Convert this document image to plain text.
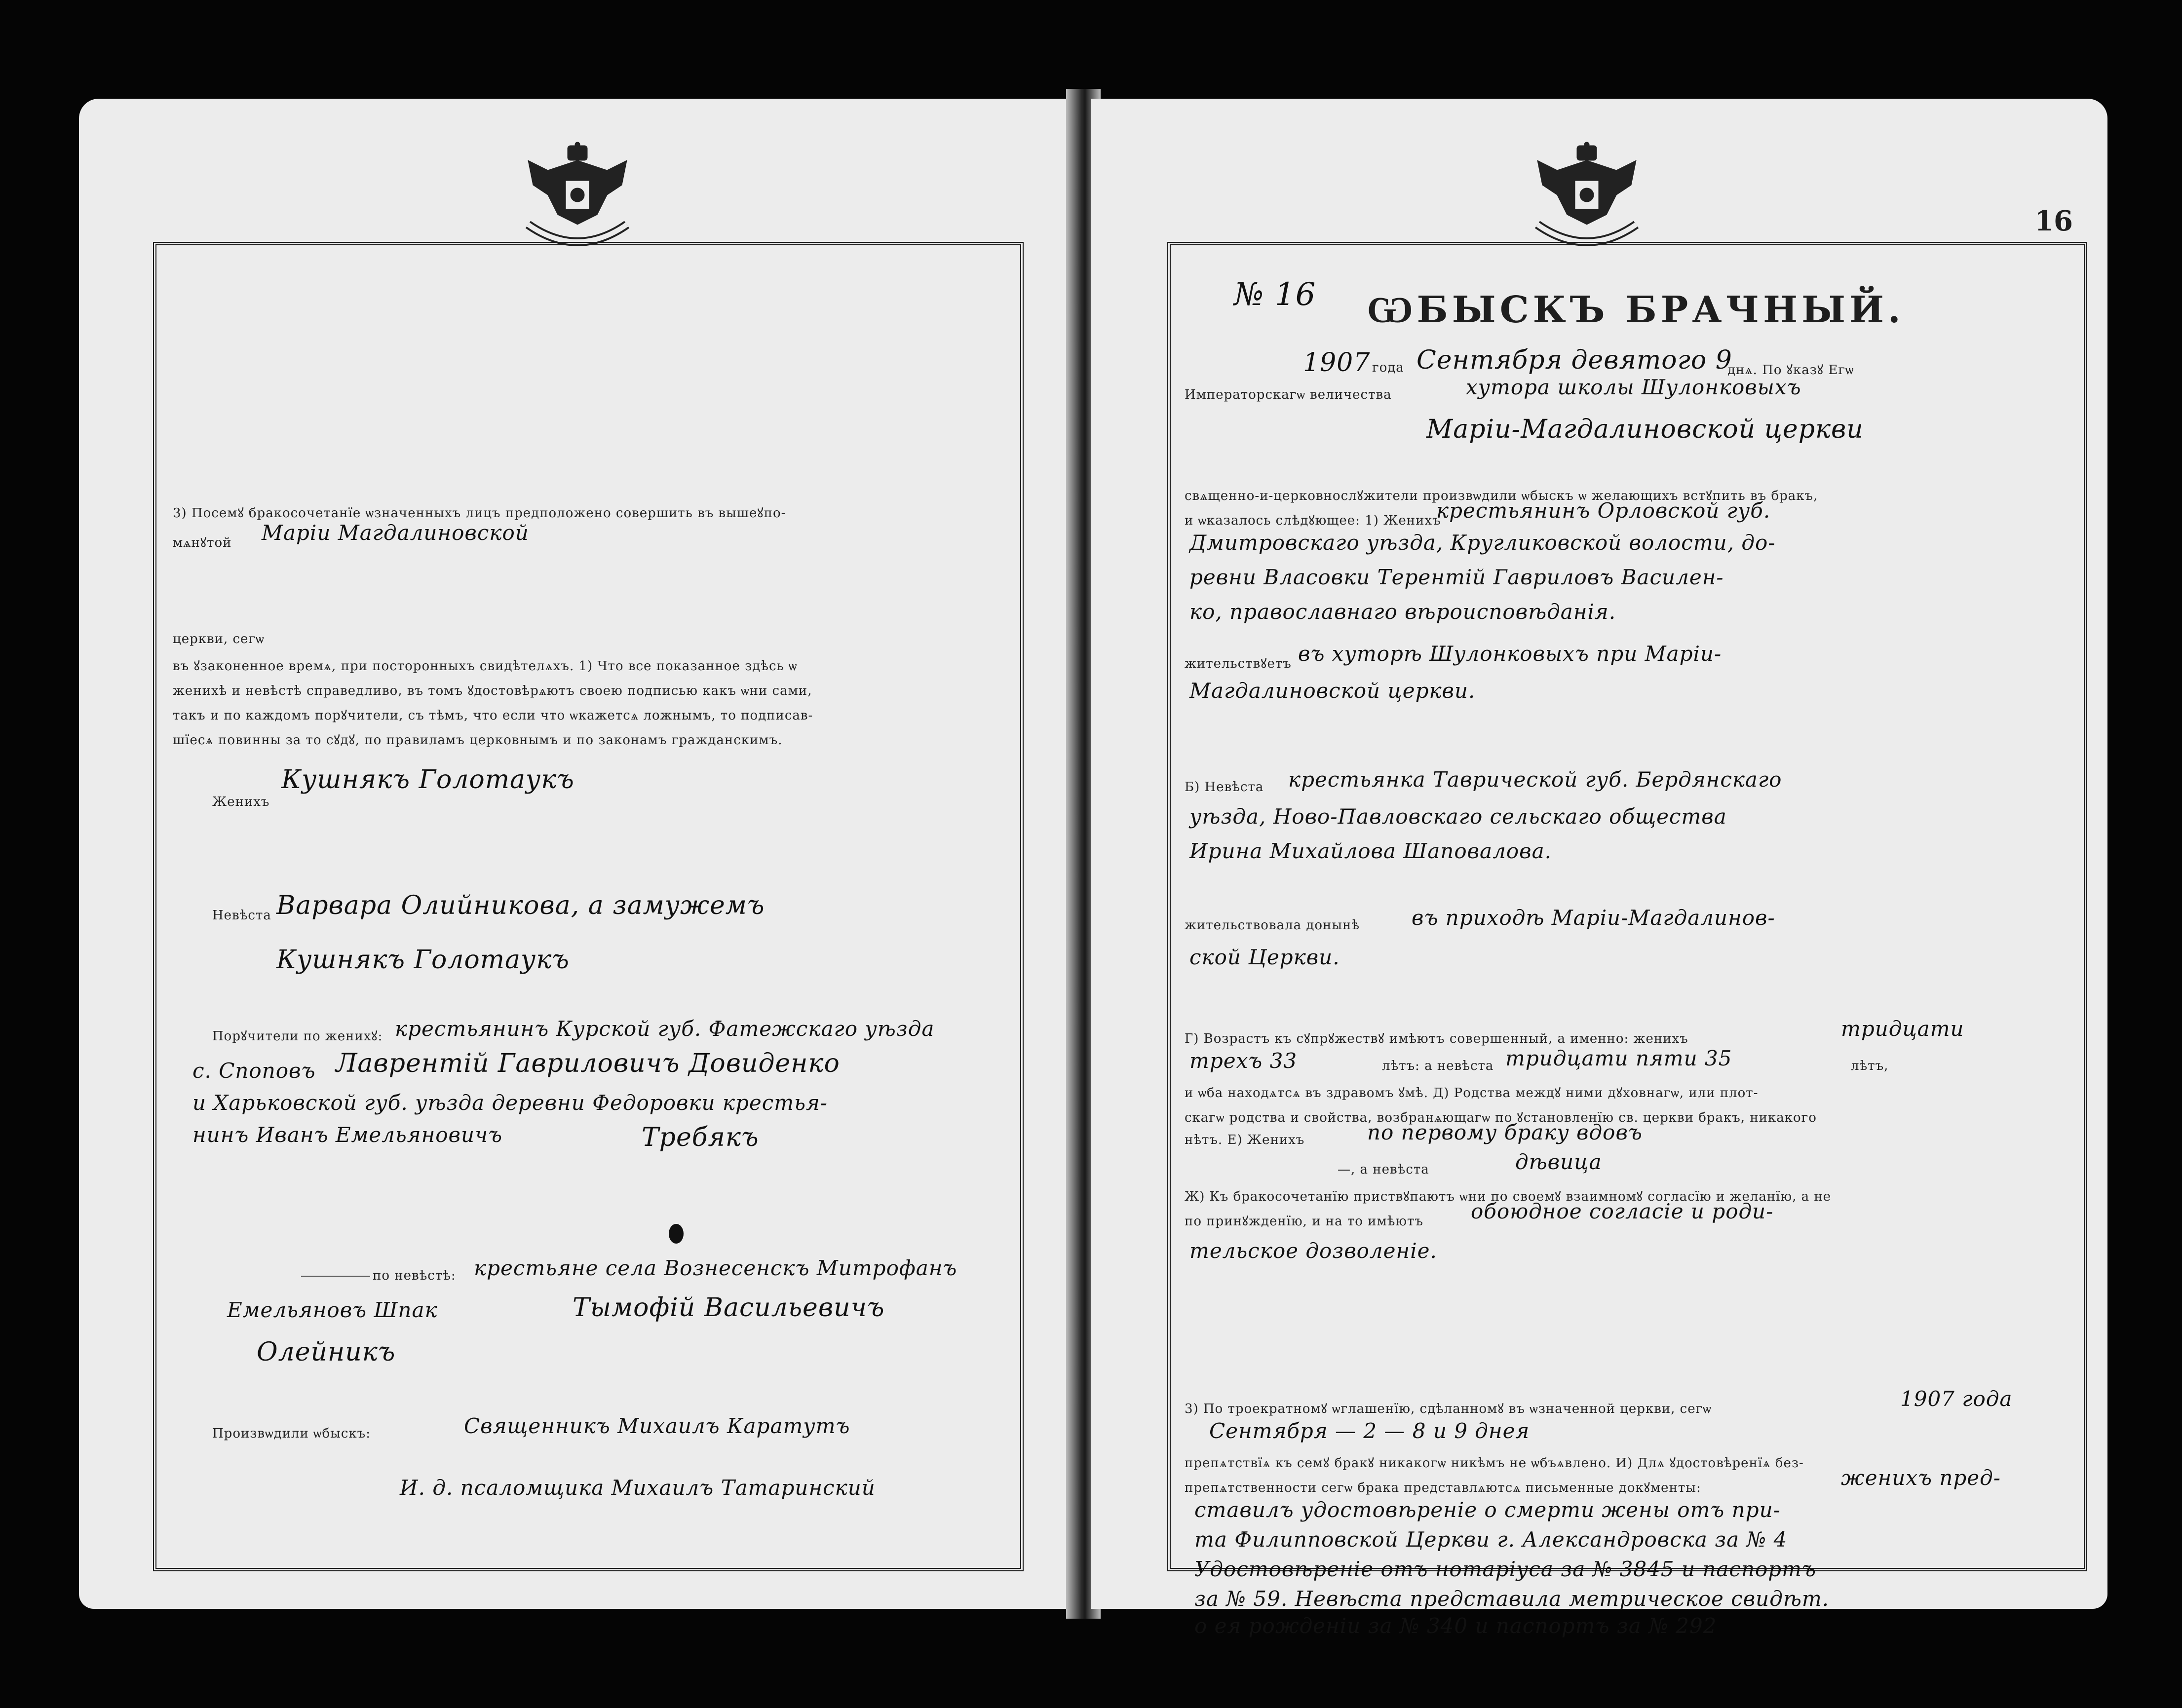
3) Посемꙋ бракосочетанїе ѡзначенныхъ лицъ предположено совершить въ вышеꙋпо-
мѧнꙋтой Марiи Магдалиновской
церкви, сегѡ
въ ꙋзаконенное времѧ, при посторонныхъ свидѣтелѧхъ. 1) Что все показанное здѣсь ѡ
женихѣ и невѣстѣ справедливо, въ томъ ꙋдостовѣрѧютъ своею подписью какъ ѡни сами,
такъ и по каждомъ порꙋчители, съ тѣмъ, что если что ѡкажетсѧ ложнымъ, то подписав-
шїесѧ повинны за то сꙋдꙋ, по правиламъ церковнымъ и по законамъ гражданскимъ.
Женихъ
Кушнякъ Голотаукъ
Невѣста Варвара Олийникова, а замужемъ
Кушнякъ Голотаукъ
Порꙋчители по женихꙋ: крестьянинъ Курской губ. Фатежскаго уѣзда
с. Споповъ Лаврентiй Гавриловичъ Довиденко
и Харьковской губ. уѣзда деревни Федоровки крестья-
нинъ Иванъ Емельяновичъ	Требякъ
по невѣстѣ: крестьяне села Вознесенскъ Митрофанъ
Емельяновъ Шпак	Тымофiй Васильевичъ
Олейникъ
Произвѡдили ѡбыскъ:	Священникъ Михаилъ Каратутъ
И. д. псаломщика Михаилъ Татаринский
16
№ 16 ѠБЫСКЪ БРАЧНЫЙ.
1907 года Сентября девятого 9
днѧ. По ꙋказꙋ Егѡ
Императорскагѡ величества	хутора школы Шулонковыхъ
Марiи-Магдалиновской церкви
свѧщенно-и-церковнослꙋжители произвѡдили ѡбыскъ ѡ желающихъ встꙋпить въ бракъ,
и ѡказалось слѣдꙋющее: 1) Женихъ
крестьянинъ Орловской губ.
Дмитровскаго уѣзда, Кругликовской волости, до-
ревни Власовки Терентiй Гавриловъ Василен-
ко, православнаго вѣроисповѣданiя.
жительствꙋетъ въ хуторѣ Шулонковыхъ при Марiи-
Магдалиновской церкви.
Б) Невѣста крестьянка Таврической губ. Бердянскаго
уѣзда, Ново-Павловскаго сельскаго общества
Ирина Михайлова Шаповалова.
жительствовала донынѣ въ приходѣ Марiи-Магдалинов-
ской Церкви.
Г) Возрастъ къ сꙋпрꙋжествꙋ имѣютъ совершенный, а именно: женихъ	тридцати
трехъ 33	лѣтъ: а невѣста тридцати пяти 35	лѣтъ,
и ѡба находѧтсѧ въ здравомъ ꙋмѣ. Д) Родства междꙋ ними дꙋховнагѡ, или плот-
скагѡ родства и свойства, возбранѧющагѡ по ꙋстановленїю св. церкви бракъ, никакого
нѣтъ. Е) Женихъ	по первому браку вдовъ
—, а невѣста	дѣвица
Ж) Къ бракосочетанїю приствꙋпаютъ ѡни по своемꙋ взаимномꙋ согласїю и желанїю, а не
по принꙋжденїю, и на то имѣютъ обоюдное согласiе и роди-
тельское дозволенiе.
3) По троекратномꙋ ѡглашенїю, сдѣланномꙋ въ ѡзначенной церкви, сегѡ	1907 года
Сентября — 2 — 8 и 9 днея
препѧтствїѧ къ семꙋ бракꙋ никакогѡ никѣмъ не ѡбъѧвлено. И) Длѧ ꙋдостовѣренїѧ без-
препѧтственности сегѡ брака представлѧютсѧ письменные докꙋменты:	женихъ пред-
ставилъ удостовѣренiе о смерти жены отъ при-
та Филипповской Церкви г. Александровска за № 4
Удостовѣренiе отъ нотарiуса за № 3845 и паспортъ
за № 59. Невѣста представила метрическое свидѣт.
о ея рожденiи за № 340 и паспортъ за № 292
